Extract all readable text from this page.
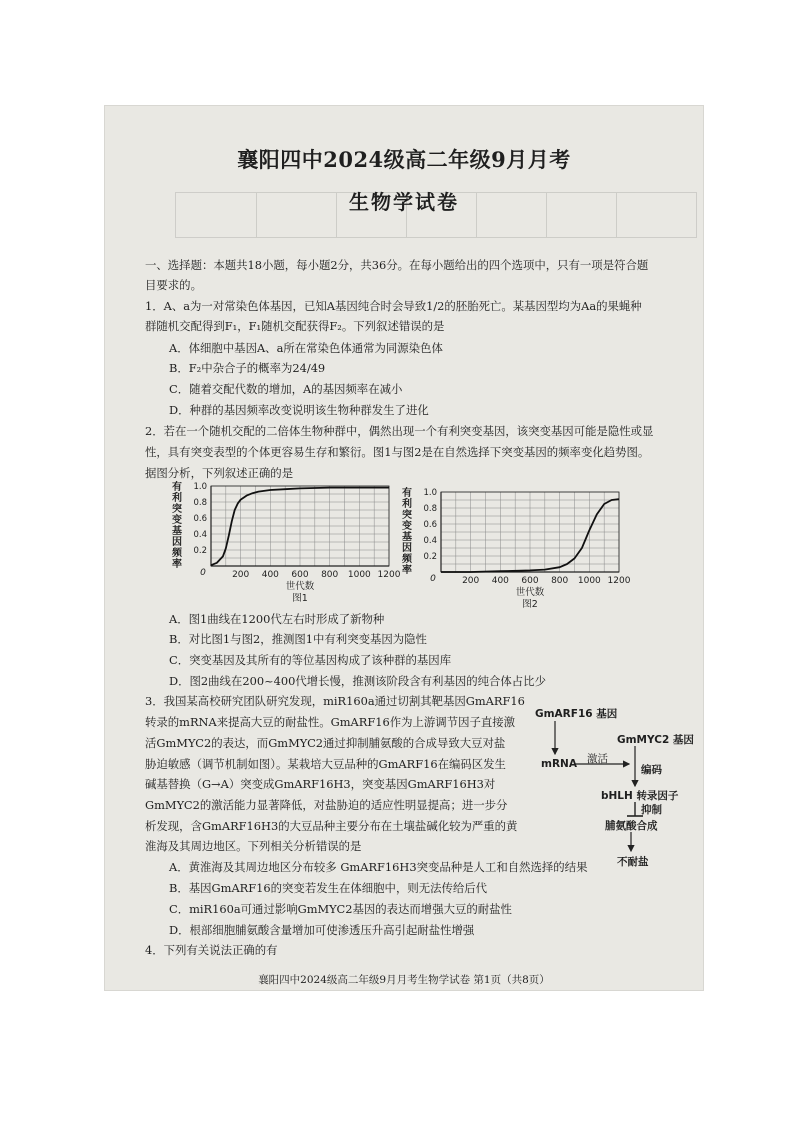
襄阳四中2024级高二年级9月月考
生物学试卷
一、选择题：本题共18小题，每小题2分，共36分。在每小题给出的四个选项中，只有一项是符合题
目要求的。
1．A、a为一对常染色体基因，已知A基因纯合时会导致1/2的胚胎死亡。某基因型均为Aa的果蝇种
群随机交配得到F₁，F₁随机交配获得F₂。下列叙述错误的是
A．体细胞中基因A、a所在常染色体通常为同源染色体
B．F₂中杂合子的概率为24/49
C．随着交配代数的增加，A的基因频率在减小
D．种群的基因频率改变说明该生物种群发生了进化
2．若在一个随机交配的二倍体生物种群中，偶然出现一个有利突变基因，该突变基因可能是隐性或显
性，具有突变表型的个体更容易生存和繁衍。图1与图2是在自然选择下突变基因的频率变化趋势图。
据图分析，下列叙述正确的是
200 400 600 800 1000 1200
0.2
0.4
0.6
0.8
1.0
0
有
利
突
变
基
因
频
率
世代数
图1
200 400 600 800 1000 1200
0.2
0.4
0.6
0.8
1.0
0
有
利
突
变
基
因
频
率
世代数
图2
A．图1曲线在1200代左右时形成了新物种
B．对比图1与图2，推测图1中有利突变基因为隐性
C．突变基因及其所有的等位基因构成了该种群的基因库
D．图2曲线在200~400代增长慢，推测该阶段含有利基因的纯合体占比少
3．我国某高校研究团队研究发现，miR160a通过切割其靶基因GmARF16
转录的mRNA来提高大豆的耐盐性。GmARF16作为上游调节因子直接激
活GmMYC2的表达，而GmMYC2通过抑制脯氨酸的合成导致大豆对盐
胁迫敏感（调节机制如图）。某栽培大豆品种的GmARF16在编码区发生
碱基替换（G→A）突变成GmARF16H3，突变基因GmARF16H3对
GmMYC2的激活能力显著降低，对盐胁迫的适应性明显提高；进一步分
析发现，含GmARF16H3的大豆品种主要分布在土壤盐碱化较为严重的黄
淮海及其周边地区。下列相关分析错误的是
GmARF16 基因
GmMYC2 基因
mRNA 激活
编码
bHLH 转录因子
抑制
脯氨酸合成
不耐盐
A．黄淮海及其周边地区分布较多 GmARF16H3突变品种是人工和自然选择的结果
B．基因GmARF16的突变若发生在体细胞中，则无法传给后代
C．miR160a可通过影响GmMYC2基因的表达而增强大豆的耐盐性
D．根部细胞脯氨酸含量增加可使渗透压升高引起耐盐性增强
4．下列有关说法正确的有
襄阳四中2024级高二年级9月月考生物学试卷 第1页（共8页）
